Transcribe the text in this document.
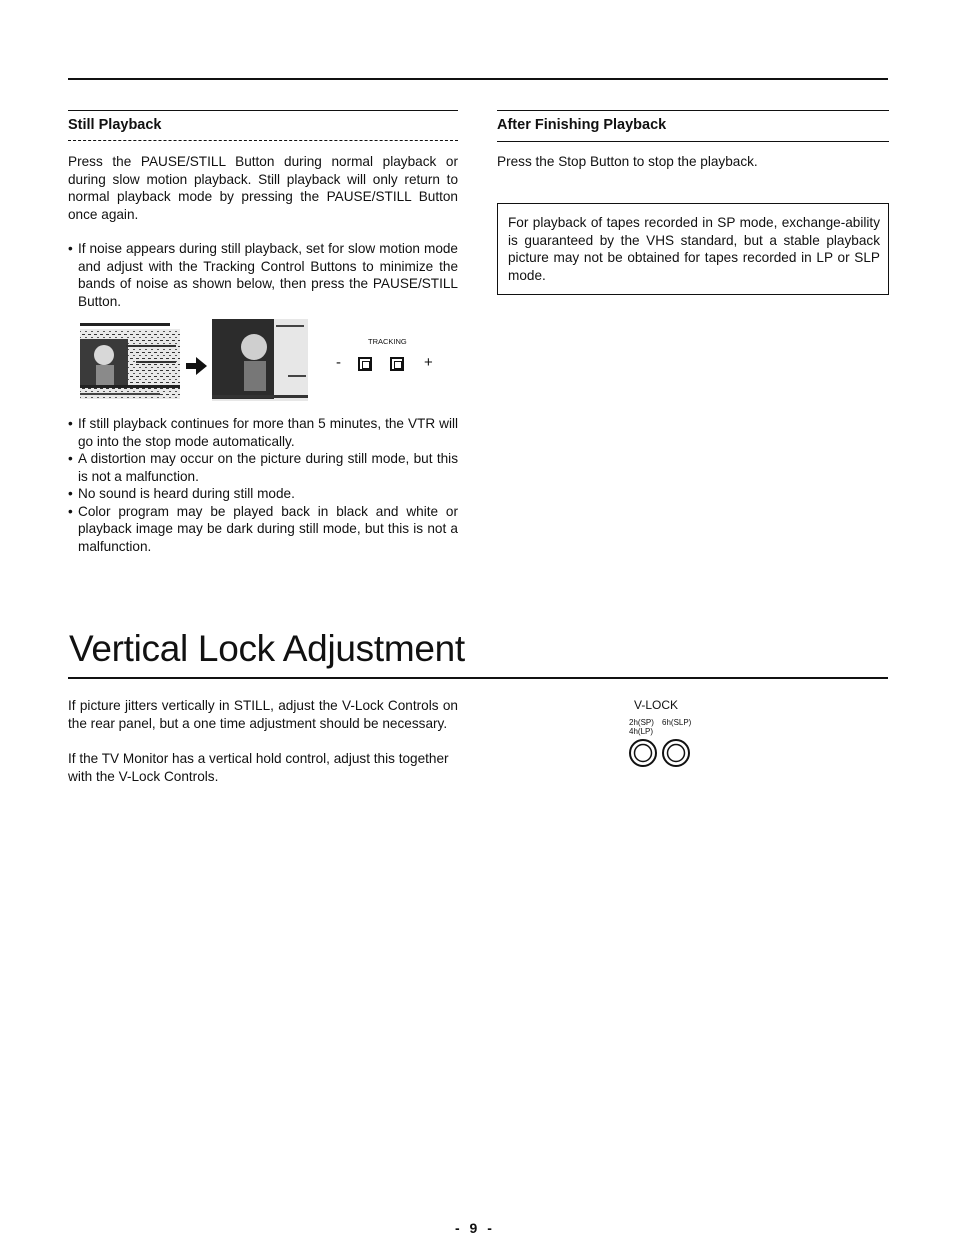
Still Playback

Press the PAUSE/STILL Button during normal playback or during slow motion playback. Still playback will only return to normal playback mode by pressing the PAUSE/STILL Button once again.

• If noise appears during still playback, set for slow motion mode and adjust with the Tracking Control Buttons to minimize the bands of noise as shown below, then press the PAUSE/STILL Button.
TRACKING
-	+
• If still playback continues for more than 5 minutes, the VTR will go into the stop mode automatically.
• A distortion may occur on the picture during still mode, but this is not a malfunction.
• No sound is heard during still mode.
• Color program may be played back in black and white or playback image may be dark during still mode, but this is not a malfunction.
After Finishing Playback

Press the Stop Button to stop the playback.

For playback of tapes recorded in SP mode, exchange-ability is guaranteed by the VHS standard, but a stable playback picture may not be obtained for tapes recorded in LP or SLP mode.
Vertical Lock Adjustment

If picture jitters vertically in STILL, adjust the V-Lock Controls on the rear panel, but a one time adjustment should be necessary.

If the TV Monitor has a vertical hold control, adjust this together with the V-Lock Controls.

V-LOCK
2h(SP)
4h(LP)
6h(SLP)
- 9 -
